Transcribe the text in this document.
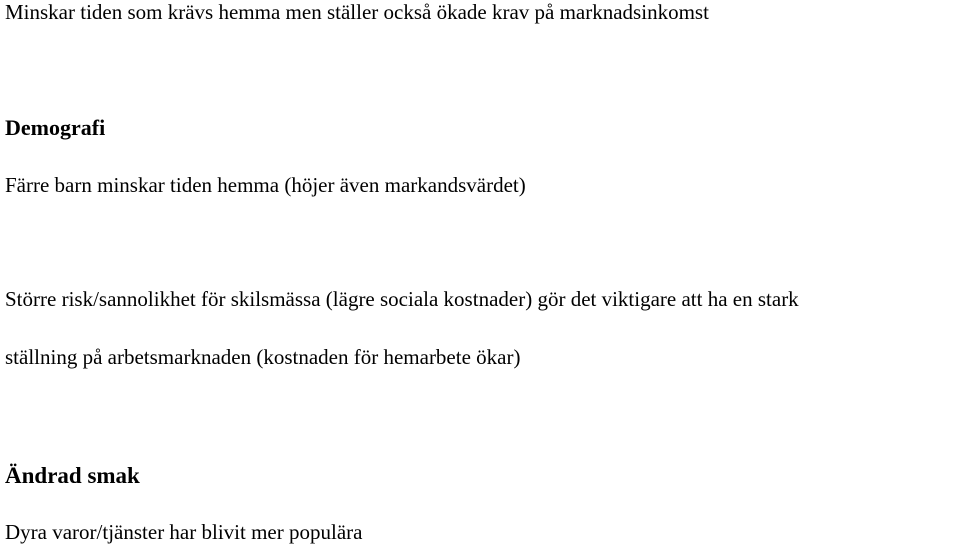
Minskar tiden som krävs hemma men ställer också ökade krav på marknadsinkomst

Demografi

Färre barn minskar tiden hemma (höjer även markandsvärdet)

Större risk/sannolikhet för skilsmässa (lägre sociala kostnader) gör det viktigare att ha en stark

ställning på arbetsmarknaden (kostnaden för hemarbete ökar)

Ändrad smak

Dyra varor/tjänster har blivit mer populära
